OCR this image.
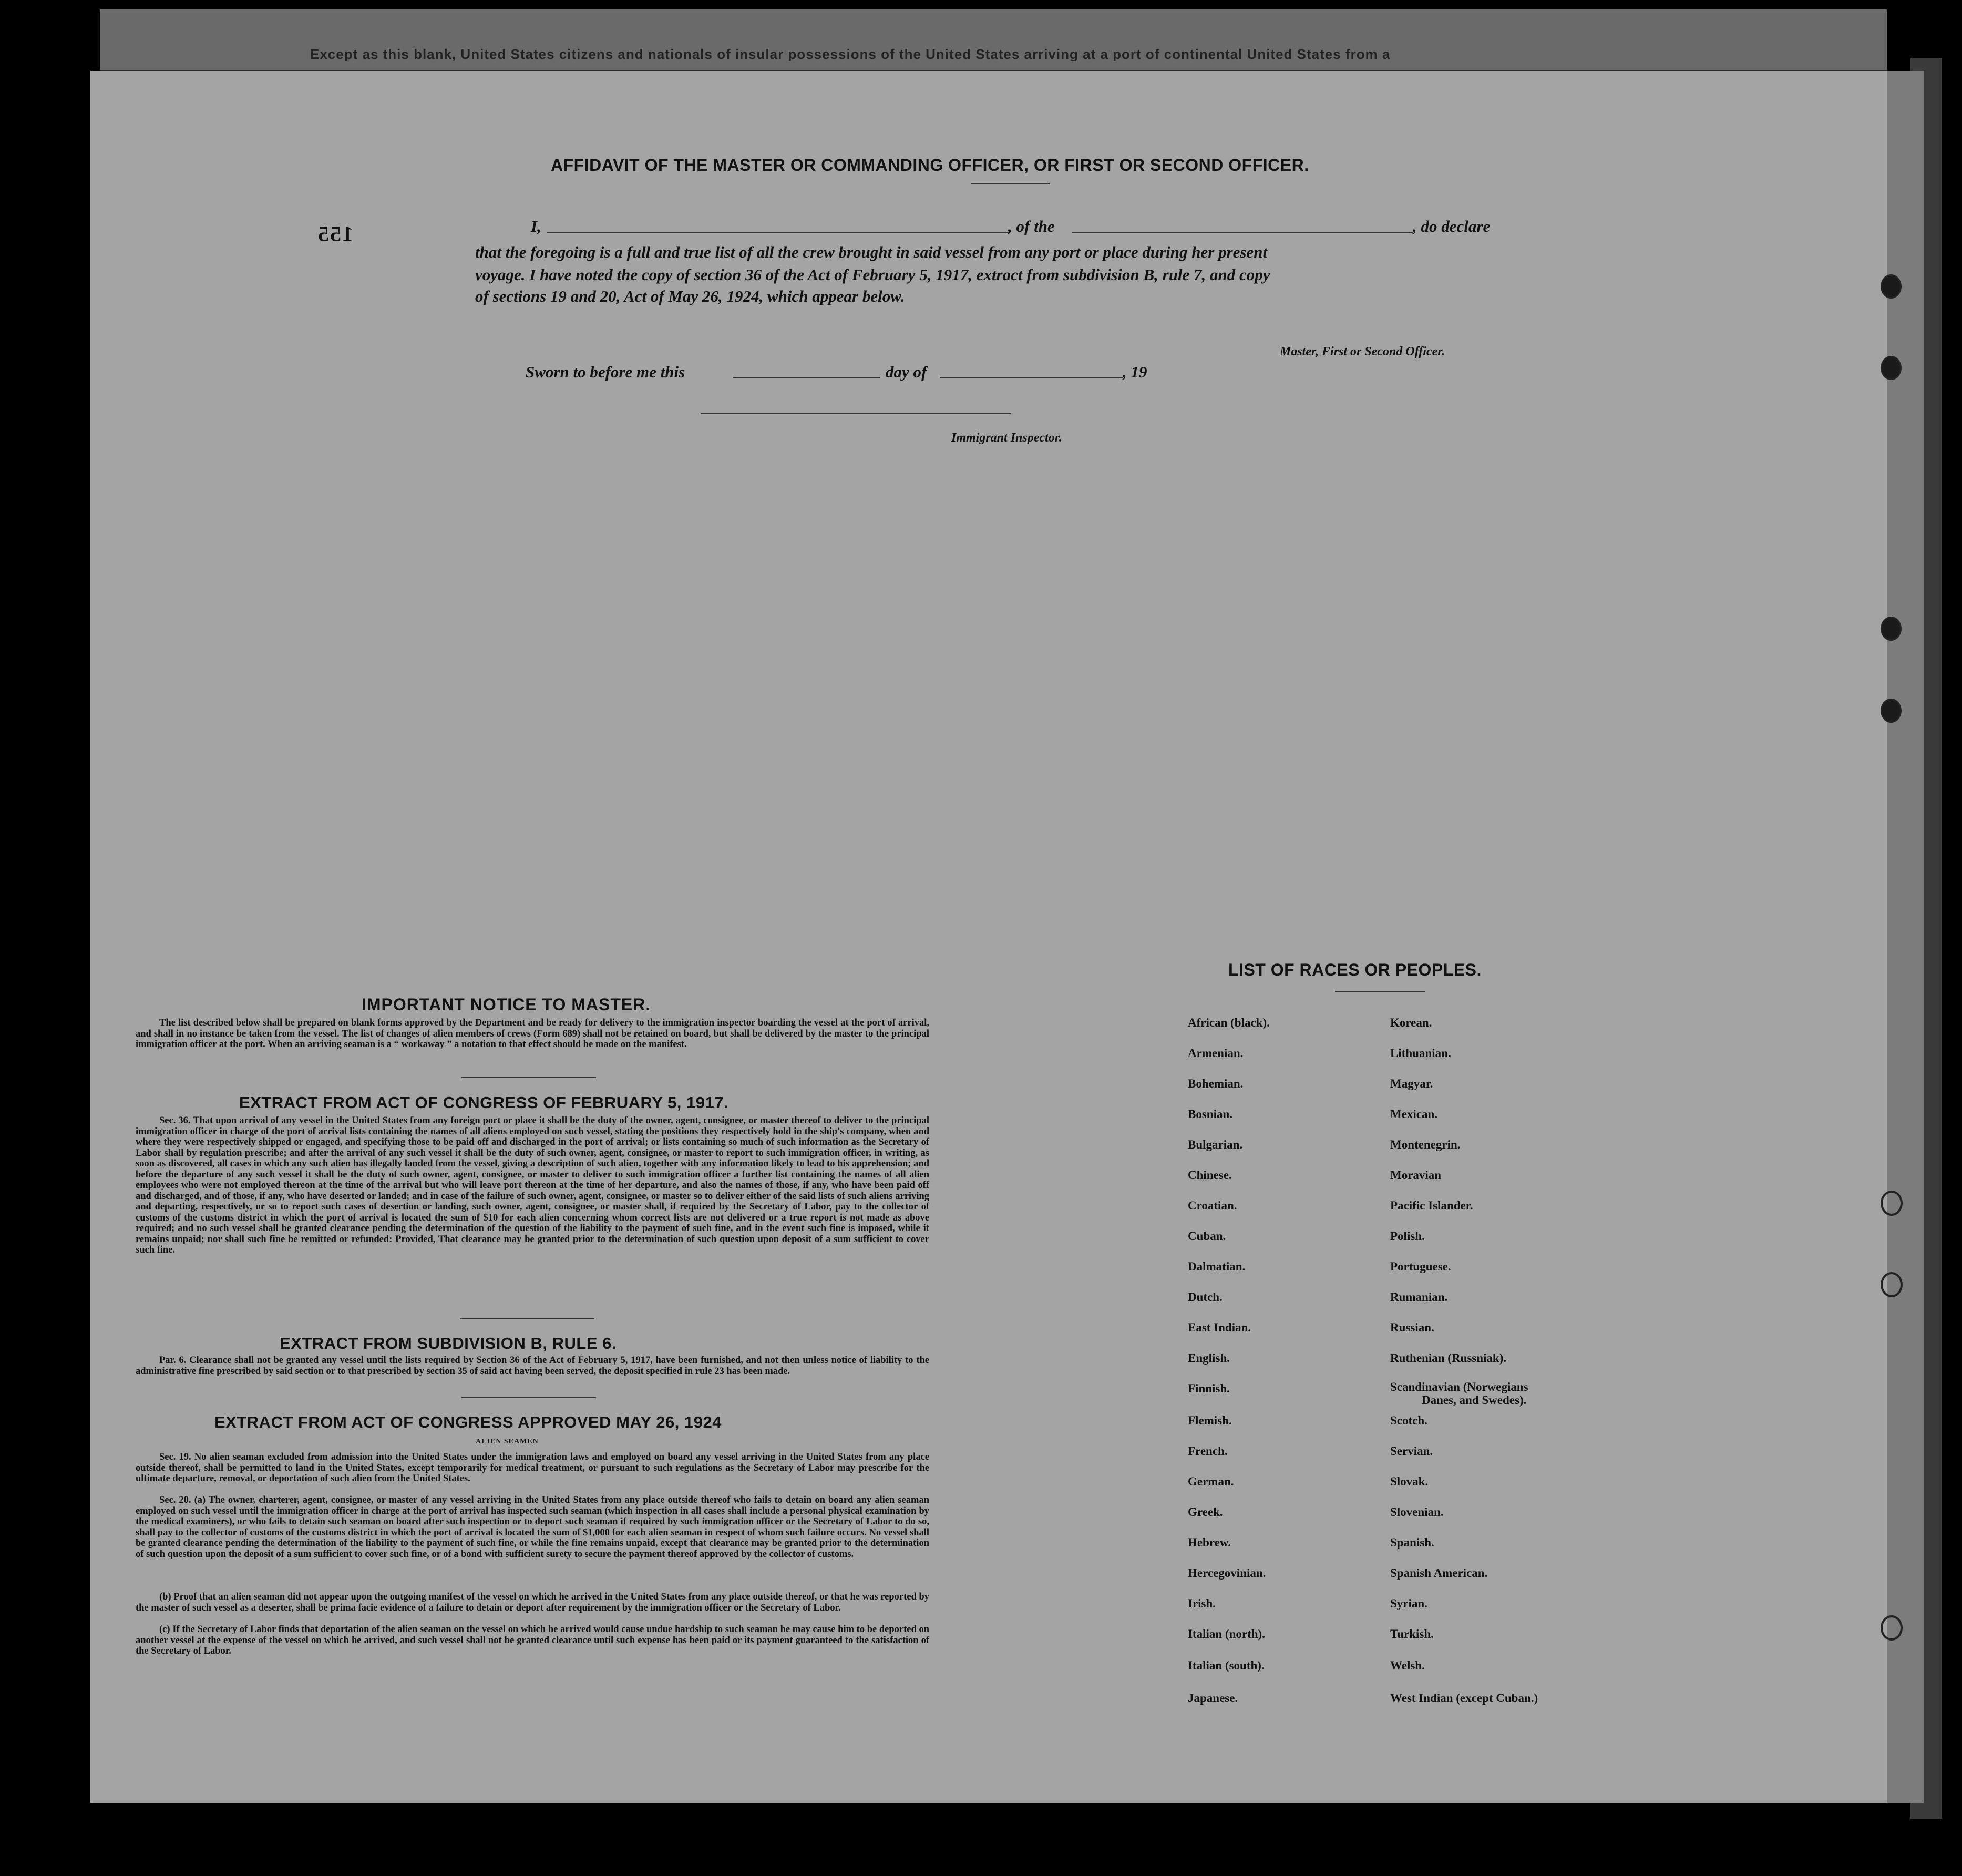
Except as this blank, United States citizens and nationals of insular possessions of the United States arriving at a port of continental United States from a
155
AFFIDAVIT OF THE MASTER OR COMMANDING OFFICER, OR FIRST OR SECOND OFFICER.
I,	, of the	, do declare
that the foregoing is a full and true list of all the crew brought in said vessel from any port or place during her present
voyage. I have noted the copy of section 36 of the Act of February 5, 1917, extract from subdivision B, rule 7, and copy
of sections 19 and 20, Act of May 26, 1924, which appear below.
Master, First or Second Officer.
Sworn to before me this	day of	, 19
Immigrant Inspector.
IMPORTANT NOTICE TO MASTER.
The list described below shall be prepared on blank forms approved by the Department and be ready for delivery to the immigration inspector boarding the vessel at the port of arrival, and shall in no instance be taken from the vessel. The list of changes of alien members of crews (Form 689) shall not be retained on board, but shall be delivered by the master to the principal immigration officer at the port. When an arriving seaman is a “ workaway ” a notation to that effect should be made on the manifest.
EXTRACT FROM ACT OF CONGRESS OF FEBRUARY 5, 1917.
Sec. 36. That upon arrival of any vessel in the United States from any foreign port or place it shall be the duty of the owner, agent, consignee, or master thereof to deliver to the principal immigration officer in charge of the port of arrival lists containing the names of all aliens employed on such vessel, stating the positions they respectively hold in the ship's company, when and where they were respectively shipped or engaged, and specifying those to be paid off and discharged in the port of arrival; or lists containing so much of such information as the Secretary of Labor shall by regulation prescribe; and after the arrival of any such vessel it shall be the duty of such owner, agent, consignee, or master to report to such immigration officer, in writing, as soon as discovered, all cases in which any such alien has illegally landed from the vessel, giving a description of such alien, together with any information likely to lead to his apprehension; and before the departure of any such vessel it shall be the duty of such owner, agent, consignee, or master to deliver to such immigration officer a further list containing the names of all alien employees who were not employed thereon at the time of the arrival but who will leave port thereon at the time of her departure, and also the names of those, if any, who have been paid off and discharged, and of those, if any, who have deserted or landed; and in case of the failure of such owner, agent, consignee, or master so to deliver either of the said lists of such aliens arriving and departing, respectively, or so to report such cases of desertion or landing, such owner, agent, consignee, or master shall, if required by the Secretary of Labor, pay to the collector of customs of the customs district in which the port of arrival is located the sum of $10 for each alien concerning whom correct lists are not delivered or a true report is not made as above required; and no such vessel shall be granted clearance pending the determination of the question of the liability to the payment of such fine, and in the event such fine is imposed, while it remains unpaid; nor shall such fine be remitted or refunded: Provided, That clearance may be granted prior to the determination of such question upon deposit of a sum sufficient to cover such fine.
EXTRACT FROM SUBDIVISION B, RULE 6.
Par. 6. Clearance shall not be granted any vessel until the lists required by Section 36 of the Act of February 5, 1917, have been furnished, and not then unless notice of liability to the administrative fine prescribed by said section or to that prescribed by section 35 of said act having been served, the deposit specified in rule 23 has been made.
EXTRACT FROM ACT OF CONGRESS APPROVED MAY 26, 1924
ALIEN SEAMEN
Sec. 19. No alien seaman excluded from admission into the United States under the immigration laws and employed on board any vessel arriving in the United States from any place outside thereof, shall be permitted to land in the United States, except temporarily for medical treatment, or pursuant to such regulations as the Secretary of Labor may prescribe for the ultimate departure, removal, or deportation of such alien from the United States.
Sec. 20. (a) The owner, charterer, agent, consignee, or master of any vessel arriving in the United States from any place outside thereof who fails to detain on board any alien seaman employed on such vessel until the immigration officer in charge at the port of arrival has inspected such seaman (which inspection in all cases shall include a personal physical examination by the medical examiners), or who fails to detain such seaman on board after such inspection or to deport such seaman if required by such immigration officer or the Secretary of Labor to do so, shall pay to the collector of customs of the customs district in which the port of arrival is located the sum of $1,000 for each alien seaman in respect of whom such failure occurs. No vessel shall be granted clearance pending the determination of the liability to the payment of such fine, or while the fine remains unpaid, except that clearance may be granted prior to the determination of such question upon the deposit of a sum sufficient to cover such fine, or of a bond with sufficient surety to secure the payment thereof approved by the collector of customs.
(b) Proof that an alien seaman did not appear upon the outgoing manifest of the vessel on which he arrived in the United States from any place outside thereof, or that he was reported by the master of such vessel as a deserter, shall be prima facie evidence of a failure to detain or deport after requirement by the immigration officer or the Secretary of Labor.
(c) If the Secretary of Labor finds that deportation of the alien seaman on the vessel on which he arrived would cause undue hardship to such seaman he may cause him to be deported on another vessel at the expense of the vessel on which he arrived, and such vessel shall not be granted clearance until such expense has been paid or its payment guaranteed to the satisfaction of the Secretary of Labor.
LIST OF RACES OR PEOPLES.
African (black).
Armenian.
Bohemian.
Bosnian.
Bulgarian.
Chinese.
Croatian.
Cuban.
Dalmatian.
Dutch.
East Indian.
English.
Finnish.
Flemish.
French.
German.
Greek.
Hebrew.
Hercegovinian.
Irish.
Italian (north).
Italian (south).
Japanese.
Korean.
Lithuanian.
Magyar.
Mexican.
Montenegrin.
Moravian
Pacific Islander.
Polish.
Portuguese.
Rumanian.
Russian.
Ruthenian (Russniak).
Scandinavian (Norwegians
Danes, and Swedes).
Scotch.
Servian.
Slovak.
Slovenian.
Spanish.
Spanish American.
Syrian.
Turkish.
Welsh.
West Indian (except Cuban.)
